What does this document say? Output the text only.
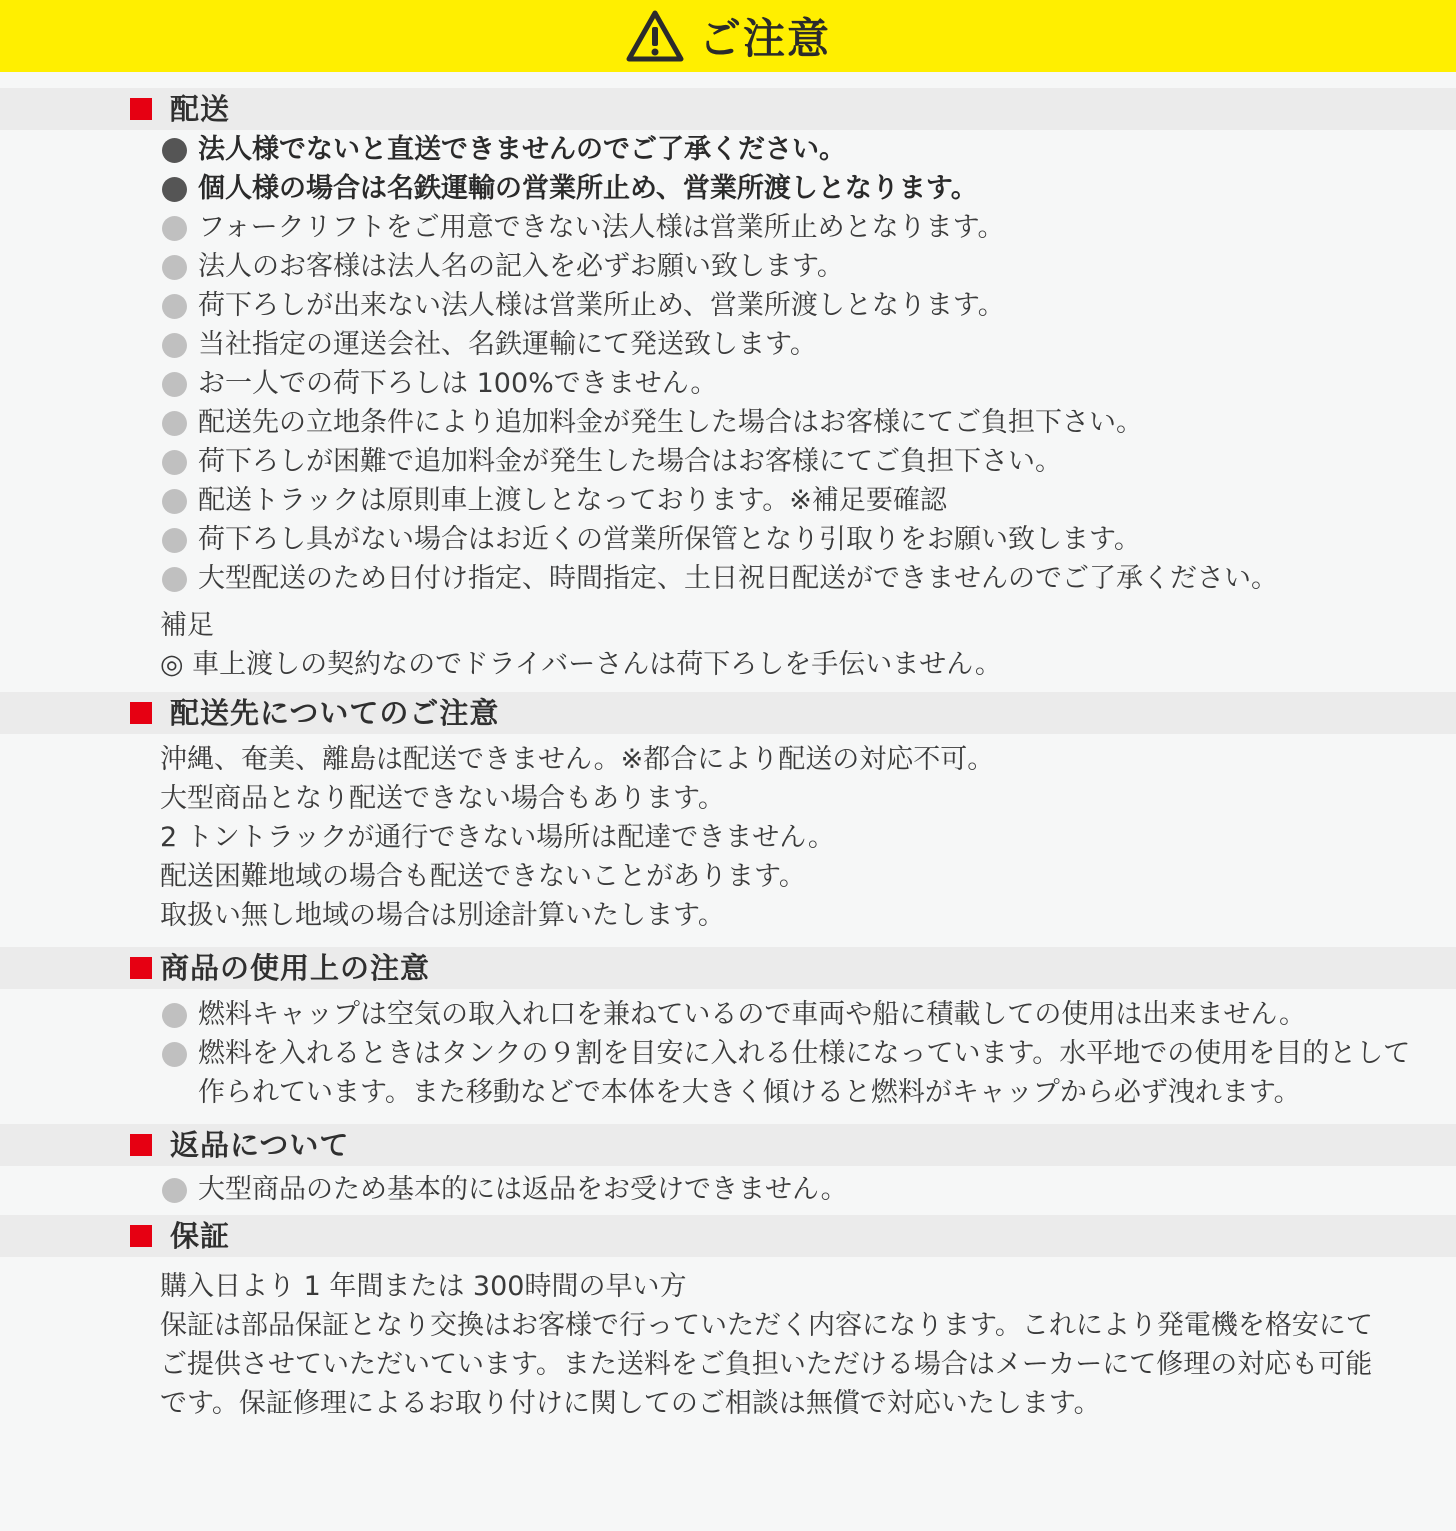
ご注意
配送
法人様でないと直送できませんのでご了承ください。
個人様の場合は名鉄運輸の営業所止め、営業所渡しとなります。
フォークリフトをご用意できない法人様は営業所止めとなります。
法人のお客様は法人名の記入を必ずお願い致します。
荷下ろしが出来ない法人様は営業所止め、営業所渡しとなります。
当社指定の運送会社、名鉄運輸にて発送致します。
お一人での荷下ろしは 100%できません。
配送先の立地条件により追加料金が発生した場合はお客様にてご負担下さい。
荷下ろしが困難で追加料金が発生した場合はお客様にてご負担下さい。
配送トラックは原則車上渡しとなっております。※補足要確認
荷下ろし具がない場合はお近くの営業所保管となり引取りをお願い致します。
大型配送のため日付け指定、時間指定、土日祝日配送ができませんのでご了承ください。
補足
◎ 車上渡しの契約なのでドライバーさんは荷下ろしを手伝いません。
配送先についてのご注意
沖縄、奄美、離島は配送できません。※都合により配送の対応不可。
大型商品となり配送できない場合もあります。
2 トントラックが通行できない場所は配達できません。
配送困難地域の場合も配送できないことがあります。
取扱い無し地域の場合は別途計算いたします。
商品の使用上の注意
燃料キャップは空気の取入れ口を兼ねているので車両や船に積載しての使用は出来ません。
燃料を入れるときはタンクの９割を目安に入れる仕様になっています。水平地での使用を目的として作られています。また移動などで本体を大きく傾けると燃料がキャップから必ず洩れます。
返品について
大型商品のため基本的には返品をお受けできません。
保証
購入日より 1 年間または 300時間の早い方
保証は部品保証となり交換はお客様で行っていただく内容になります。これにより発電機を格安にてご提供させていただいています。また送料をご負担いただける場合はメーカーにて修理の対応も可能です。保証修理によるお取り付けに関してのご相談は無償で対応いたします。
